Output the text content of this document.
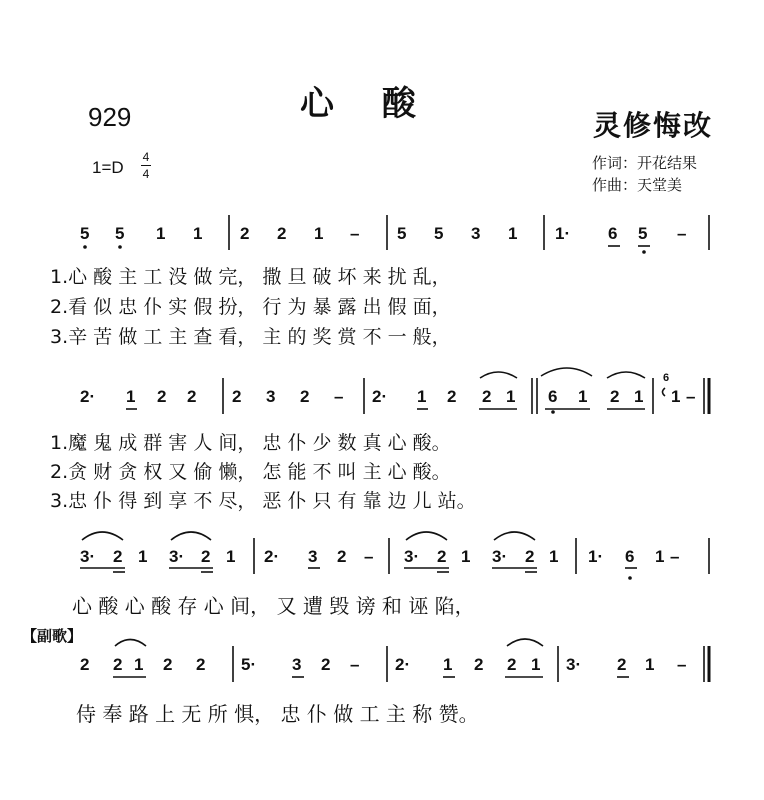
心 酸
929	灵修悔改
1=D
4
4
作词：开花结果
作曲：天堂美
5 5 1 1 2 2 1 – 5 5 3 1 1· 6 5 –
1.心 酸 主 工 没 做 完， 撒 旦 破 坏 来 扰 乱，
2.看 似 忠 仆 实 假 扮， 行 为 暴 露 出 假 面，
3.辛 苦 做 工 主 查 看， 主 的 奖 赏 不 一 般，
2· 1 2 2 2 3 2 – 2· 1 2 2 1 6 1 2 1
6
1 –
1.魔 鬼 成 群 害 人 间， 忠 仆 少 数 真 心 酸。
2.贪 财 贪 权 又 偷 懒， 怎 能 不 叫 主 心 酸。
3.忠 仆 得 到 享 不 尽， 恶 仆 只 有 靠 边 儿 站。
3· 2 1 3· 2 1 2· 3 2 – 3· 2 1 3· 2 1 1· 6 1 –
心 酸 心 酸 存 心 间， 又 遭 毁 谤 和 诬 陷，
【副歌】
2 2 1 2 2 5· 3 2 – 2· 1 2 2 1 3· 2 1 –
侍 奉 路 上 无 所 惧， 忠 仆 做 工 主 称 赞。
